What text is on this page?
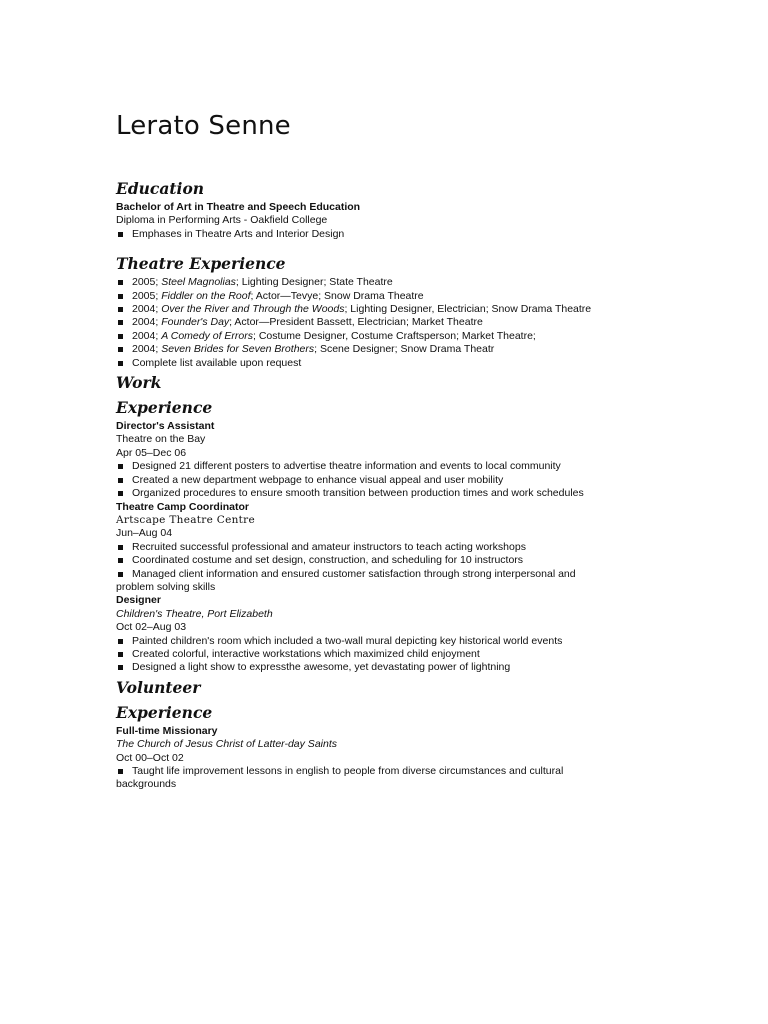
Lerato Senne
Education
Bachelor of Art in Theatre and Speech Education
Diploma in Performing Arts - Oakfield College
Emphases in Theatre Arts and Interior Design
Theatre Experience
2005; Steel Magnolias; Lighting Designer; State Theatre
2005; Fiddler on the Roof; Actor—Tevye; Snow Drama Theatre
2004; Over the River and Through the Woods; Lighting Designer, Electrician; Snow Drama Theatre
2004; Founder's Day; Actor—President Bassett, Electrician; Market Theatre
2004; A Comedy of Errors; Costume Designer, Costume Craftsperson; Market Theatre;
2004; Seven Brides for Seven Brothers; Scene Designer; Snow Drama Theatr
Complete list available upon request
Work
Experience
Director's Assistant
Theatre on the Bay
Apr 05–Dec 06
Designed 21 different posters to advertise theatre information and events to local community
Created a new department webpage to enhance visual appeal and user mobility
Organized procedures to ensure smooth transition between production times and work schedules
Theatre Camp Coordinator
Artscape Theatre Centre
Jun–Aug 04
Recruited successful professional and amateur instructors to teach acting workshops
Coordinated costume and set design, construction, and scheduling for 10 instructors
Managed client information and ensured customer satisfaction through strong interpersonal and problem solving skills
Designer
Children's Theatre, Port Elizabeth
Oct 02–Aug 03
Painted children's room which included a two-wall mural depicting key historical world events
Created colorful, interactive workstations which maximized child enjoyment
Designed a light show to expressthe awesome, yet devastating power of lightning
Volunteer
Experience
Full-time Missionary
The Church of Jesus Christ of Latter-day Saints
Oct 00–Oct 02
Taught life improvement lessons in english to people from diverse circumstances and cultural backgrounds
